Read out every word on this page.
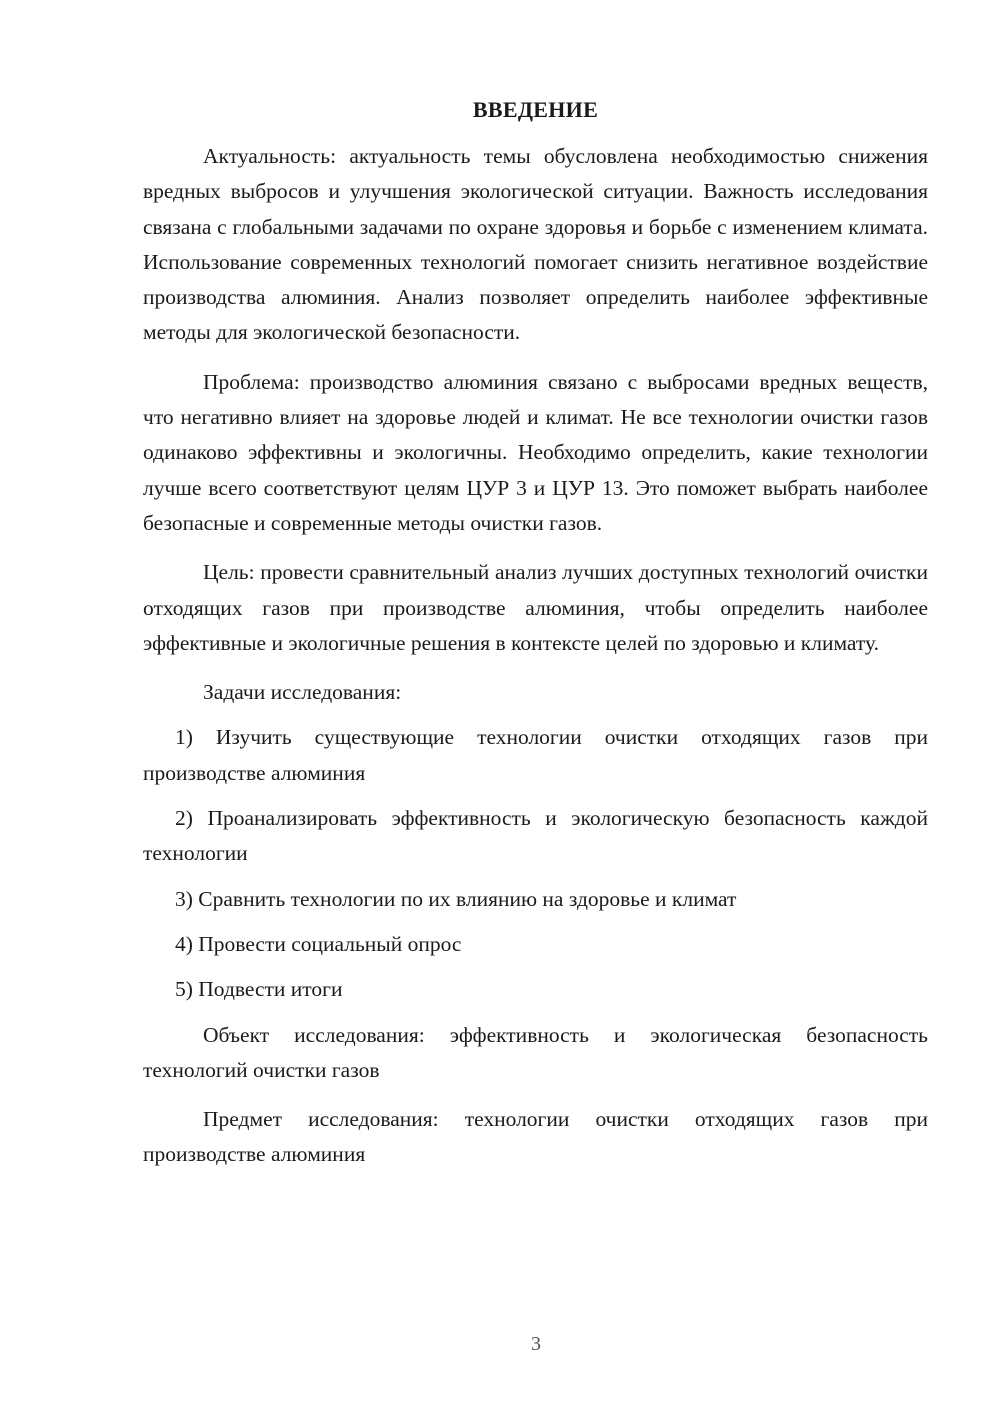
ВВЕДЕНИЕ

Актуальность: актуальность темы обусловлена необходимостью снижения вредных выбросов и улучшения экологической ситуации. Важность исследования связана с глобальными задачами по охране здоровья и борьбе с изменением климата. Использование современных технологий помогает снизить негативное воздействие производства алюминия. Анализ позволяет определить наиболее эффективные методы для экологической безопасности.

Проблема: производство алюминия связано с выбросами вредных веществ, что негативно влияет на здоровье людей и климат. Не все технологии очистки газов одинаково эффективны и экологичны. Необходимо определить, какие технологии лучше всего соответствуют целям ЦУР 3 и ЦУР 13. Это поможет выбрать наиболее безопасные и современные методы очистки газов.

Цель: провести сравнительный анализ лучших доступных технологий очистки отходящих газов при производстве алюминия, чтобы определить наиболее эффективные и экологичные решения в контексте целей по здоровью и климату.

Задачи исследования:

1) Изучить существующие технологии очистки отходящих газов при производстве алюминия

2) Проанализировать эффективность и экологическую безопасность каждой технологии

3) Сравнить технологии по их влиянию на здоровье и климат

4) Провести социальный опрос

5) Подвести итоги

Объект исследования: эффективность и экологическая безопасность технологий очистки газов

Предмет исследования: технологии очистки отходящих газов при производстве алюминия

3
